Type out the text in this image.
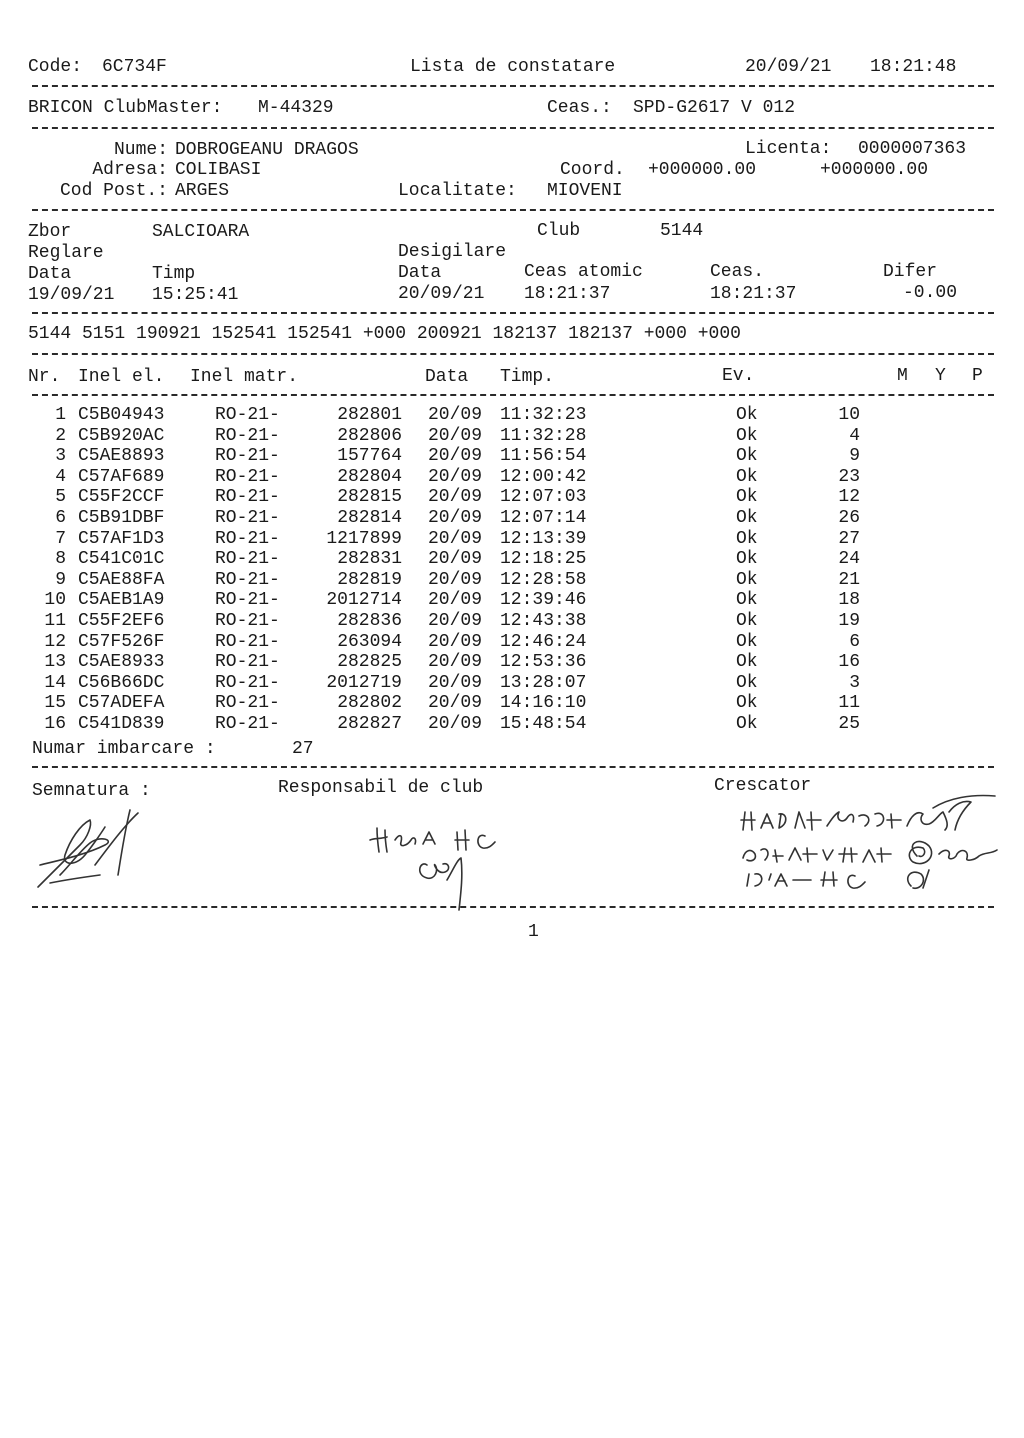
Code: 6C734F	Lista de constatare	20/09/21 18:21:48
BRICON ClubMaster: M-44329	Ceas.: SPD-G2617 V 012
Nume: DOBROGEANU DRAGOS	Licenta: 0000007363
Adresa: COLIBASI	Coord. +000000.00	+000000.00
Cod Post.: ARGES	Localitate: MIOVENI
Zbor	SALCIOARA	Club	5144
Reglare	Desigilare
Data	Timp	Data	Ceas atomic	Ceas.	Difer
19/09/21 15:25:41	20/09/21 18:21:37	18:21:37	-0.00
5144 5151 190921 152541 152541 +000 200921 182137 182137 +000 +000
Nr. Inel el. Inel matr.	Data Timp.	Ev.	M Y P
1 C5B04943	RO-21-	282801 20/09 11:32:23	Ok	10
2 C5B920AC	RO-21-	282806 20/09 11:32:28	Ok	4
3 C5AE8893	RO-21-	157764 20/09 11:56:54	Ok	9
4 C57AF689	RO-21-	282804 20/09 12:00:42	Ok	23
5 C55F2CCF	RO-21-	282815 20/09 12:07:03	Ok	12
6 C5B91DBF	RO-21-	282814 20/09 12:07:14	Ok	26
7 C57AF1D3	RO-21-	1217899 20/09 12:13:39	Ok	27
8 C541C01C	RO-21-	282831 20/09 12:18:25	Ok	24
9 C5AE88FA	RO-21-	282819 20/09 12:28:58	Ok	21
10 C5AEB1A9	RO-21-	2012714 20/09 12:39:46	Ok	18
11 C55F2EF6	RO-21-	282836 20/09 12:43:38	Ok	19
12 C57F526F	RO-21-	263094 20/09 12:46:24	Ok	6
13 C5AE8933	RO-21-	282825 20/09 12:53:36	Ok	16
14 C56B66DC	RO-21-	2012719 20/09 13:28:07	Ok	3
15 C57ADEFA	RO-21-	282802 20/09 14:16:10	Ok	11
16 C541D839	RO-21-	282827 20/09 15:48:54	Ok	25
Numar imbarcare :	27
Semnatura :	Responsabil de club	Crescator
1
